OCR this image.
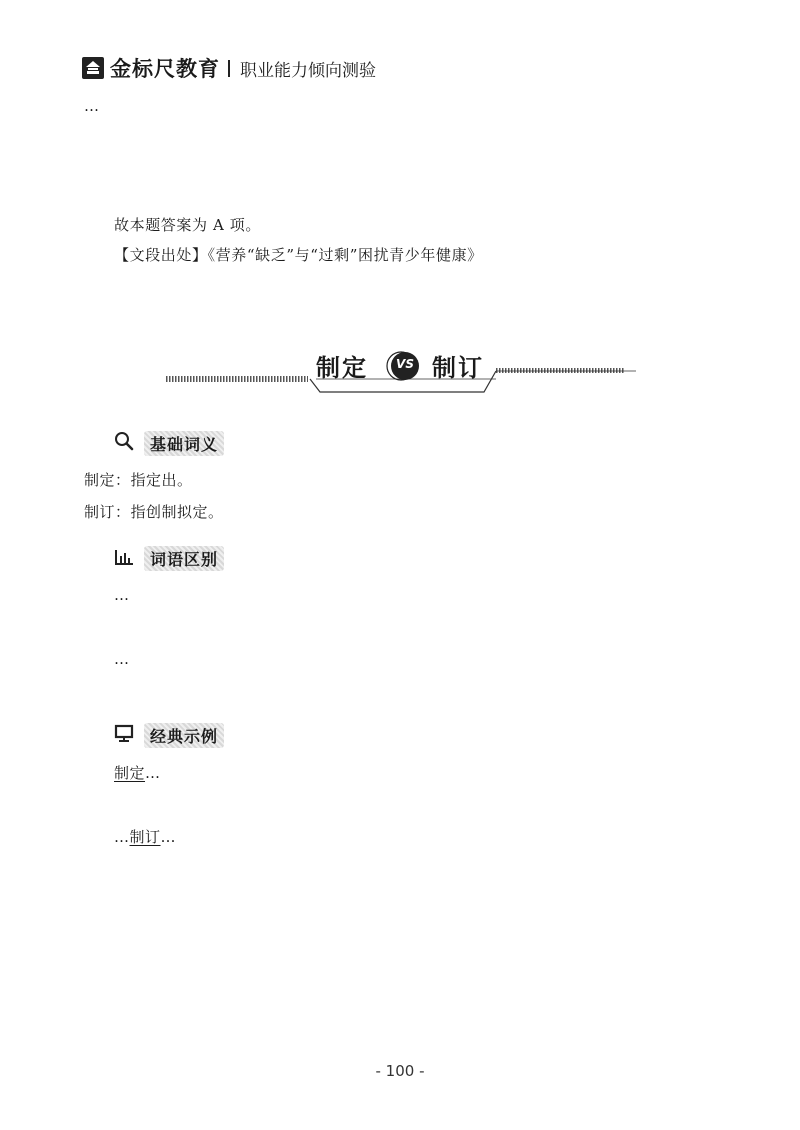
金标尺教育 职业能力倾向测验

…

故本题答案为 A 项。

【文段出处】《营养“缺乏”与“过剩”困扰青少年健康》

制定	VS 制订
基础词义

制定：指定出。

制订：指创制拟定。

词语区别

…

…

经典示例

制定…

…制订…

- 100 -
